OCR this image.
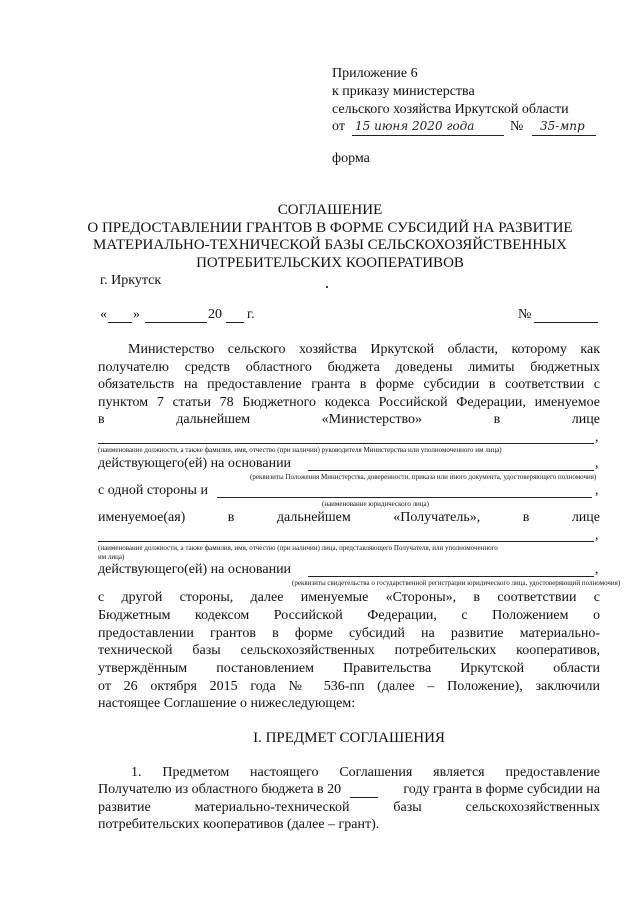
Приложение 6
к приказу министерства
сельского хозяйства Иркутской области
от 15 июня 2020 года	№ 35-мпр
форма
СОГЛАШЕНИЕ
О ПРЕДОСТАВЛЕНИИ ГРАНТОВ В ФОРМЕ СУБСИДИЙ НА РАЗВИТИЕ
МАТЕРИАЛЬНО-ТЕХНИЧЕСКОЙ БАЗЫ СЕЛЬСКОХОЗЯЙСТВЕННЫХ
ПОТРЕБИТЕЛЬСКИХ КООПЕРАТИВОВ
г. Иркутск
« »	20 г.	№
Министерство сельского хозяйства Иркутской области, которому как
получателю средств областного бюджета доведены лимиты бюджетных
обязательств на предоставление гранта в форме субсидии в соответствии с
пунктом 7 статьи 78 Бюджетного кодекса Российской Федерации, именуемое
в	дальнейшем	«Министерство»	в	лице
,
(наименование должности, а также фамилия, имя, отчество (при наличии) руководителя Министерства или уполномоченного им лица)
действующего(ей) на основании	,
(реквизиты Положения Министерства, доверенности, приказа или иного документа, удостоверяющего полномочия)
с одной стороны и	,
(наименование юридического лица)
именуемое(ая)	в	дальнейшем	«Получатель»,	в	лице
,
(наименование должности, а также фамилия, имя, отчество (при наличии) лица, представляющего Получателя, или уполномоченного
им лица)
действующего(ей) на основании	,
(реквизиты свидетельства о государственной регистрации юридического лица, удостоверяющий полномочия)
с другой стороны, далее именуемые «Стороны», в соответствии с
Бюджетным кодексом Российской Федерации, с Положением о
предоставлении грантов в форме субсидий на развитие материально-
технической базы сельскохозяйственных потребительских кооперативов,
утверждённым постановлением Правительства Иркутской области
от 26 октября 2015 года № 536-пп (далее – Положение), заключили
настоящее Соглашение о нижеследующем:
I. ПРЕДМЕТ СОГЛАШЕНИЯ
1. Предметом настоящего Соглашения является предоставление
Получателю из областного бюджета в 20	году гранта в форме субсидии на
развитие материально-технической базы сельскохозяйственных
потребительских кооперативов (далее – грант).
